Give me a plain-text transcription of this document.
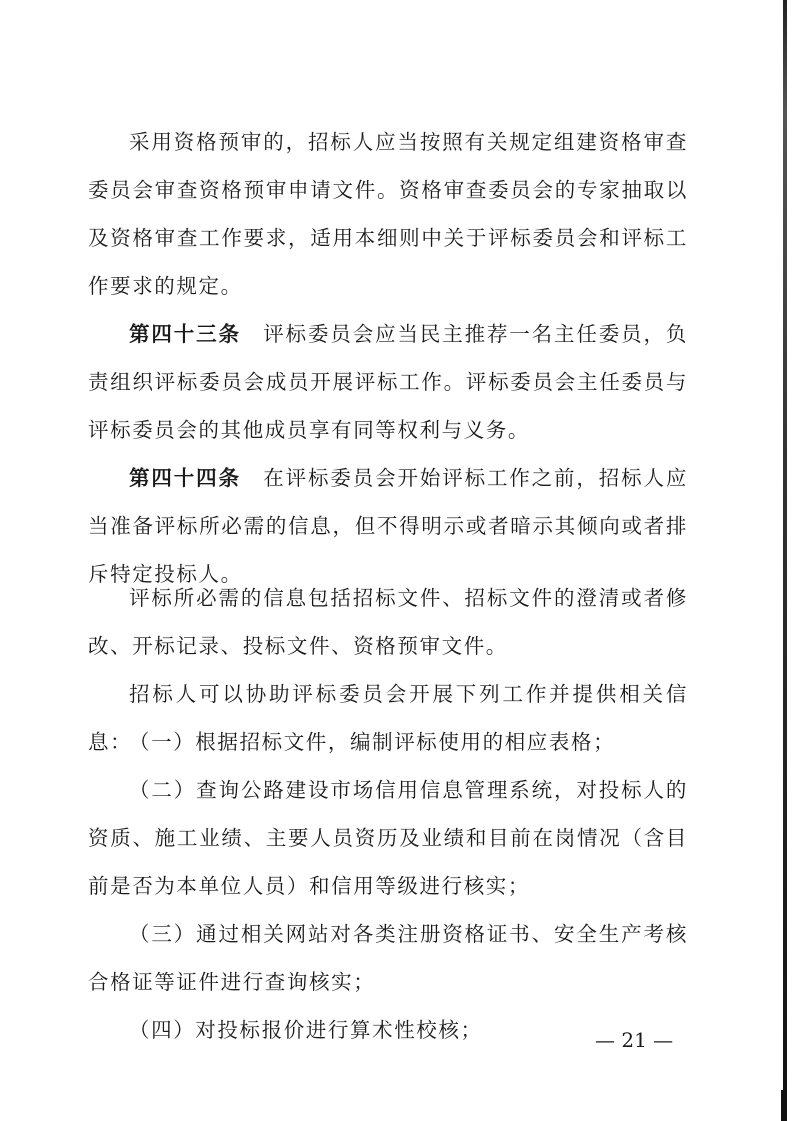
采用资格预审的，招标人应当按照有关规定组建资格审查委员会审查资格预审申请文件。资格审查委员会的专家抽取以及资格审查工作要求，适用本细则中关于评标委员会和评标工作要求的规定。

第四十三条　评标委员会应当民主推荐一名主任委员，负责组织评标委员会成员开展评标工作。评标委员会主任委员与评标委员会的其他成员享有同等权利与义务。

第四十四条　在评标委员会开始评标工作之前，招标人应当准备评标所必需的信息，但不得明示或者暗示其倾向或者排斥特定投标人。

评标所必需的信息包括招标文件、招标文件的澄清或者修改、开标记录、投标文件、资格预审文件。

招标人可以协助评标委员会开展下列工作并提供相关信息：

（一）根据招标文件，编制评标使用的相应表格；

（二）查询公路建设市场信用信息管理系统，对投标人的资质、施工业绩、主要人员资历及业绩和目前在岗情况（含目前是否为本单位人员）和信用等级进行核实；

（三）通过相关网站对各类注册资格证书、安全生产考核合格证等证件进行查询核实；

（四）对投标报价进行算术性校核；	— 21 —
